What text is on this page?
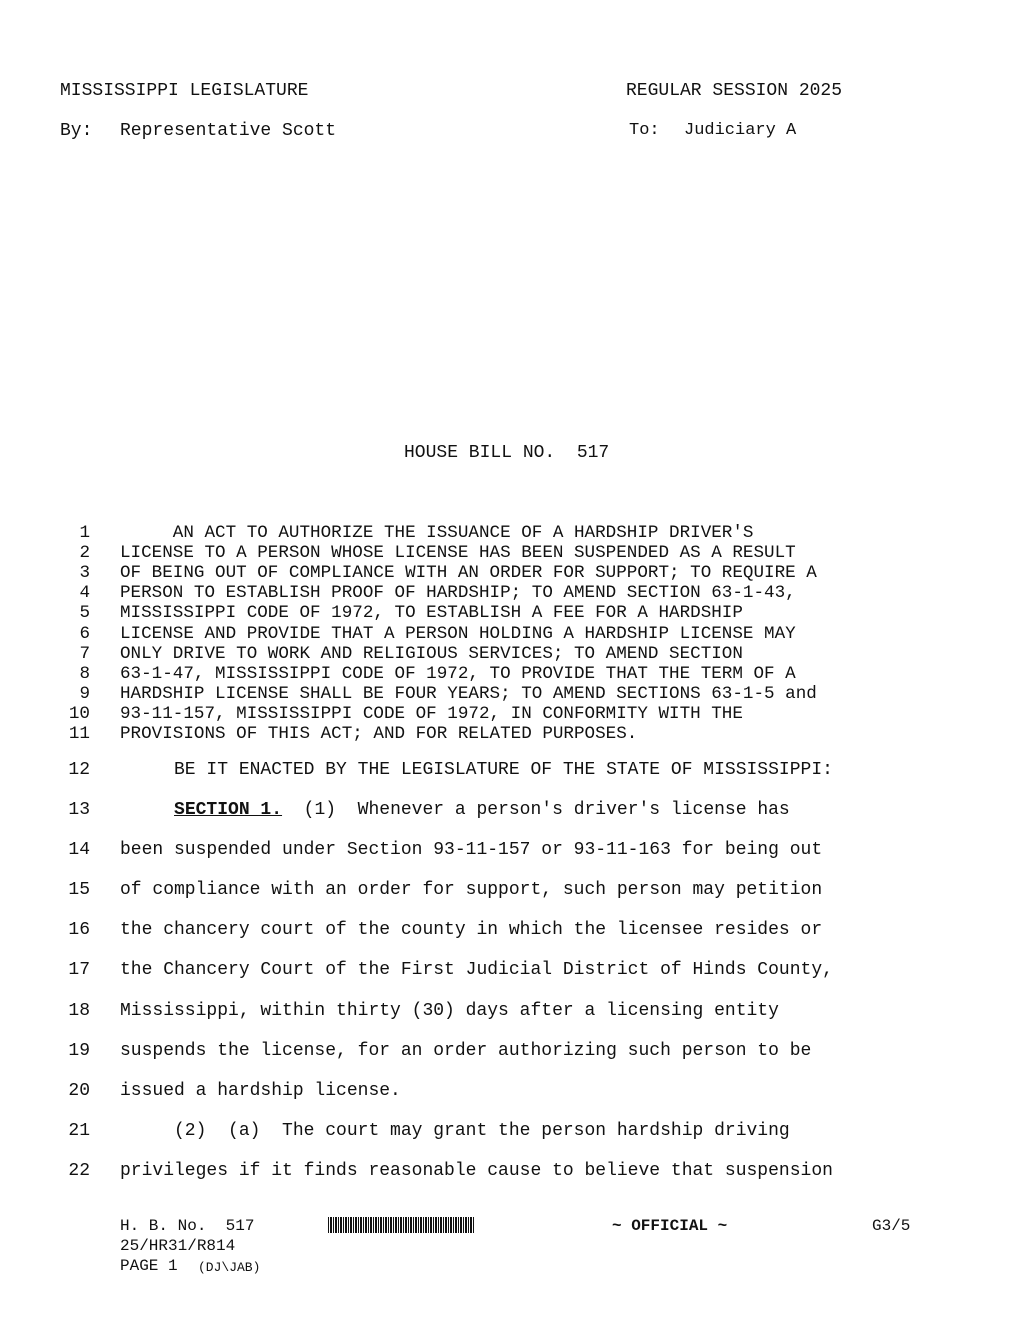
MISSISSIPPI LEGISLATURE	REGULAR SESSION 2025
By: Representative Scott	To: Judiciary A
HOUSE BILL NO.  517
1 AN ACT TO AUTHORIZE THE ISSUANCE OF A HARDSHIP DRIVER'S
2 LICENSE TO A PERSON WHOSE LICENSE HAS BEEN SUSPENDED AS A RESULT
3 OF BEING OUT OF COMPLIANCE WITH AN ORDER FOR SUPPORT; TO REQUIRE A
4 PERSON TO ESTABLISH PROOF OF HARDSHIP; TO AMEND SECTION 63-1-43,
5 MISSISSIPPI CODE OF 1972, TO ESTABLISH A FEE FOR A HARDSHIP
6 LICENSE AND PROVIDE THAT A PERSON HOLDING A HARDSHIP LICENSE MAY
7 ONLY DRIVE TO WORK AND RELIGIOUS SERVICES; TO AMEND SECTION
8 63-1-47, MISSISSIPPI CODE OF 1972, TO PROVIDE THAT THE TERM OF A
9 HARDSHIP LICENSE SHALL BE FOUR YEARS; TO AMEND SECTIONS 63-1-5 and
10 93-11-157, MISSISSIPPI CODE OF 1972, IN CONFORMITY WITH THE
11 PROVISIONS OF THIS ACT; AND FOR RELATED PURPOSES.
12 BE IT ENACTED BY THE LEGISLATURE OF THE STATE OF MISSISSIPPI:
13	SECTION 1.  (1)  Whenever a person's driver's license has
14 been suspended under Section 93-11-157 or 93-11-163 for being out
15 of compliance with an order for support, such person may petition
16 the chancery court of the county in which the licensee resides or
17 the Chancery Court of the First Judicial District of Hinds County,
18 Mississippi, within thirty (30) days after a licensing entity
19 suspends the license, for an order authorizing such person to be
20 issued a hardship license.
21 (2)  (a)  The court may grant the person hardship driving
22 privileges if it finds reasonable cause to believe that suspension
H. B. No.  517	~ OFFICIAL ~	G3/5
25/HR31/R814
PAGE 1 (DJ\JAB)
